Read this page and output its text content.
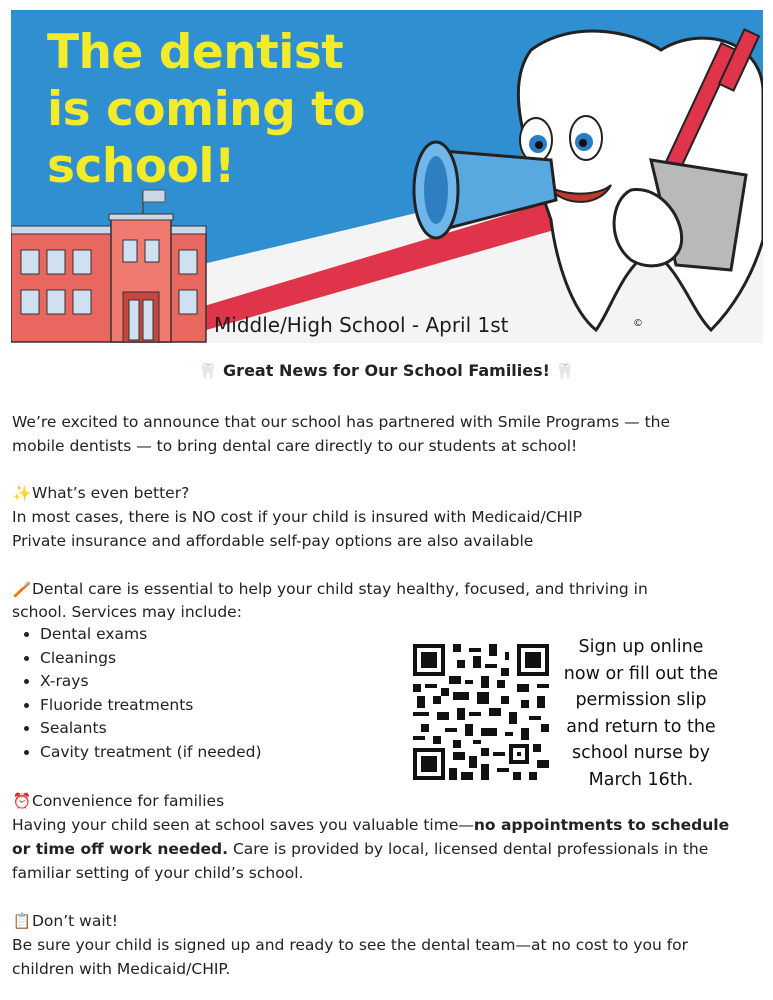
The dentist
is coming to
school!
Middle/High School - April 1st	©
🦷 Great News for Our School Families! 🦷
We’re excited to announce that our school has partnered with Smile Programs — the
mobile dentists — to bring dental care directly to our students at school!
✨What’s even better?
In most cases, there is NO cost if your child is insured with Medicaid/CHIP
Private insurance and affordable self-pay options are also available
🪥Dental care is essential to help your child stay healthy, focused, and thriving in
school. Services may include:
• Dental exams
• Cleanings
• X-rays
• Fluoride treatments
• Sealants
• Cavity treatment (if needed)
Sign up online
now or fill out the
permission slip
and return to the
school nurse by
March 16th.
⏰Convenience for families
Having your child seen at school saves you valuable time—no appointments to schedule
or time off work needed. Care is provided by local, licensed dental professionals in the
familiar setting of your child’s school.
📋Don’t wait!
Be sure your child is signed up and ready to see the dental team—at no cost to you for
children with Medicaid/CHIP.
